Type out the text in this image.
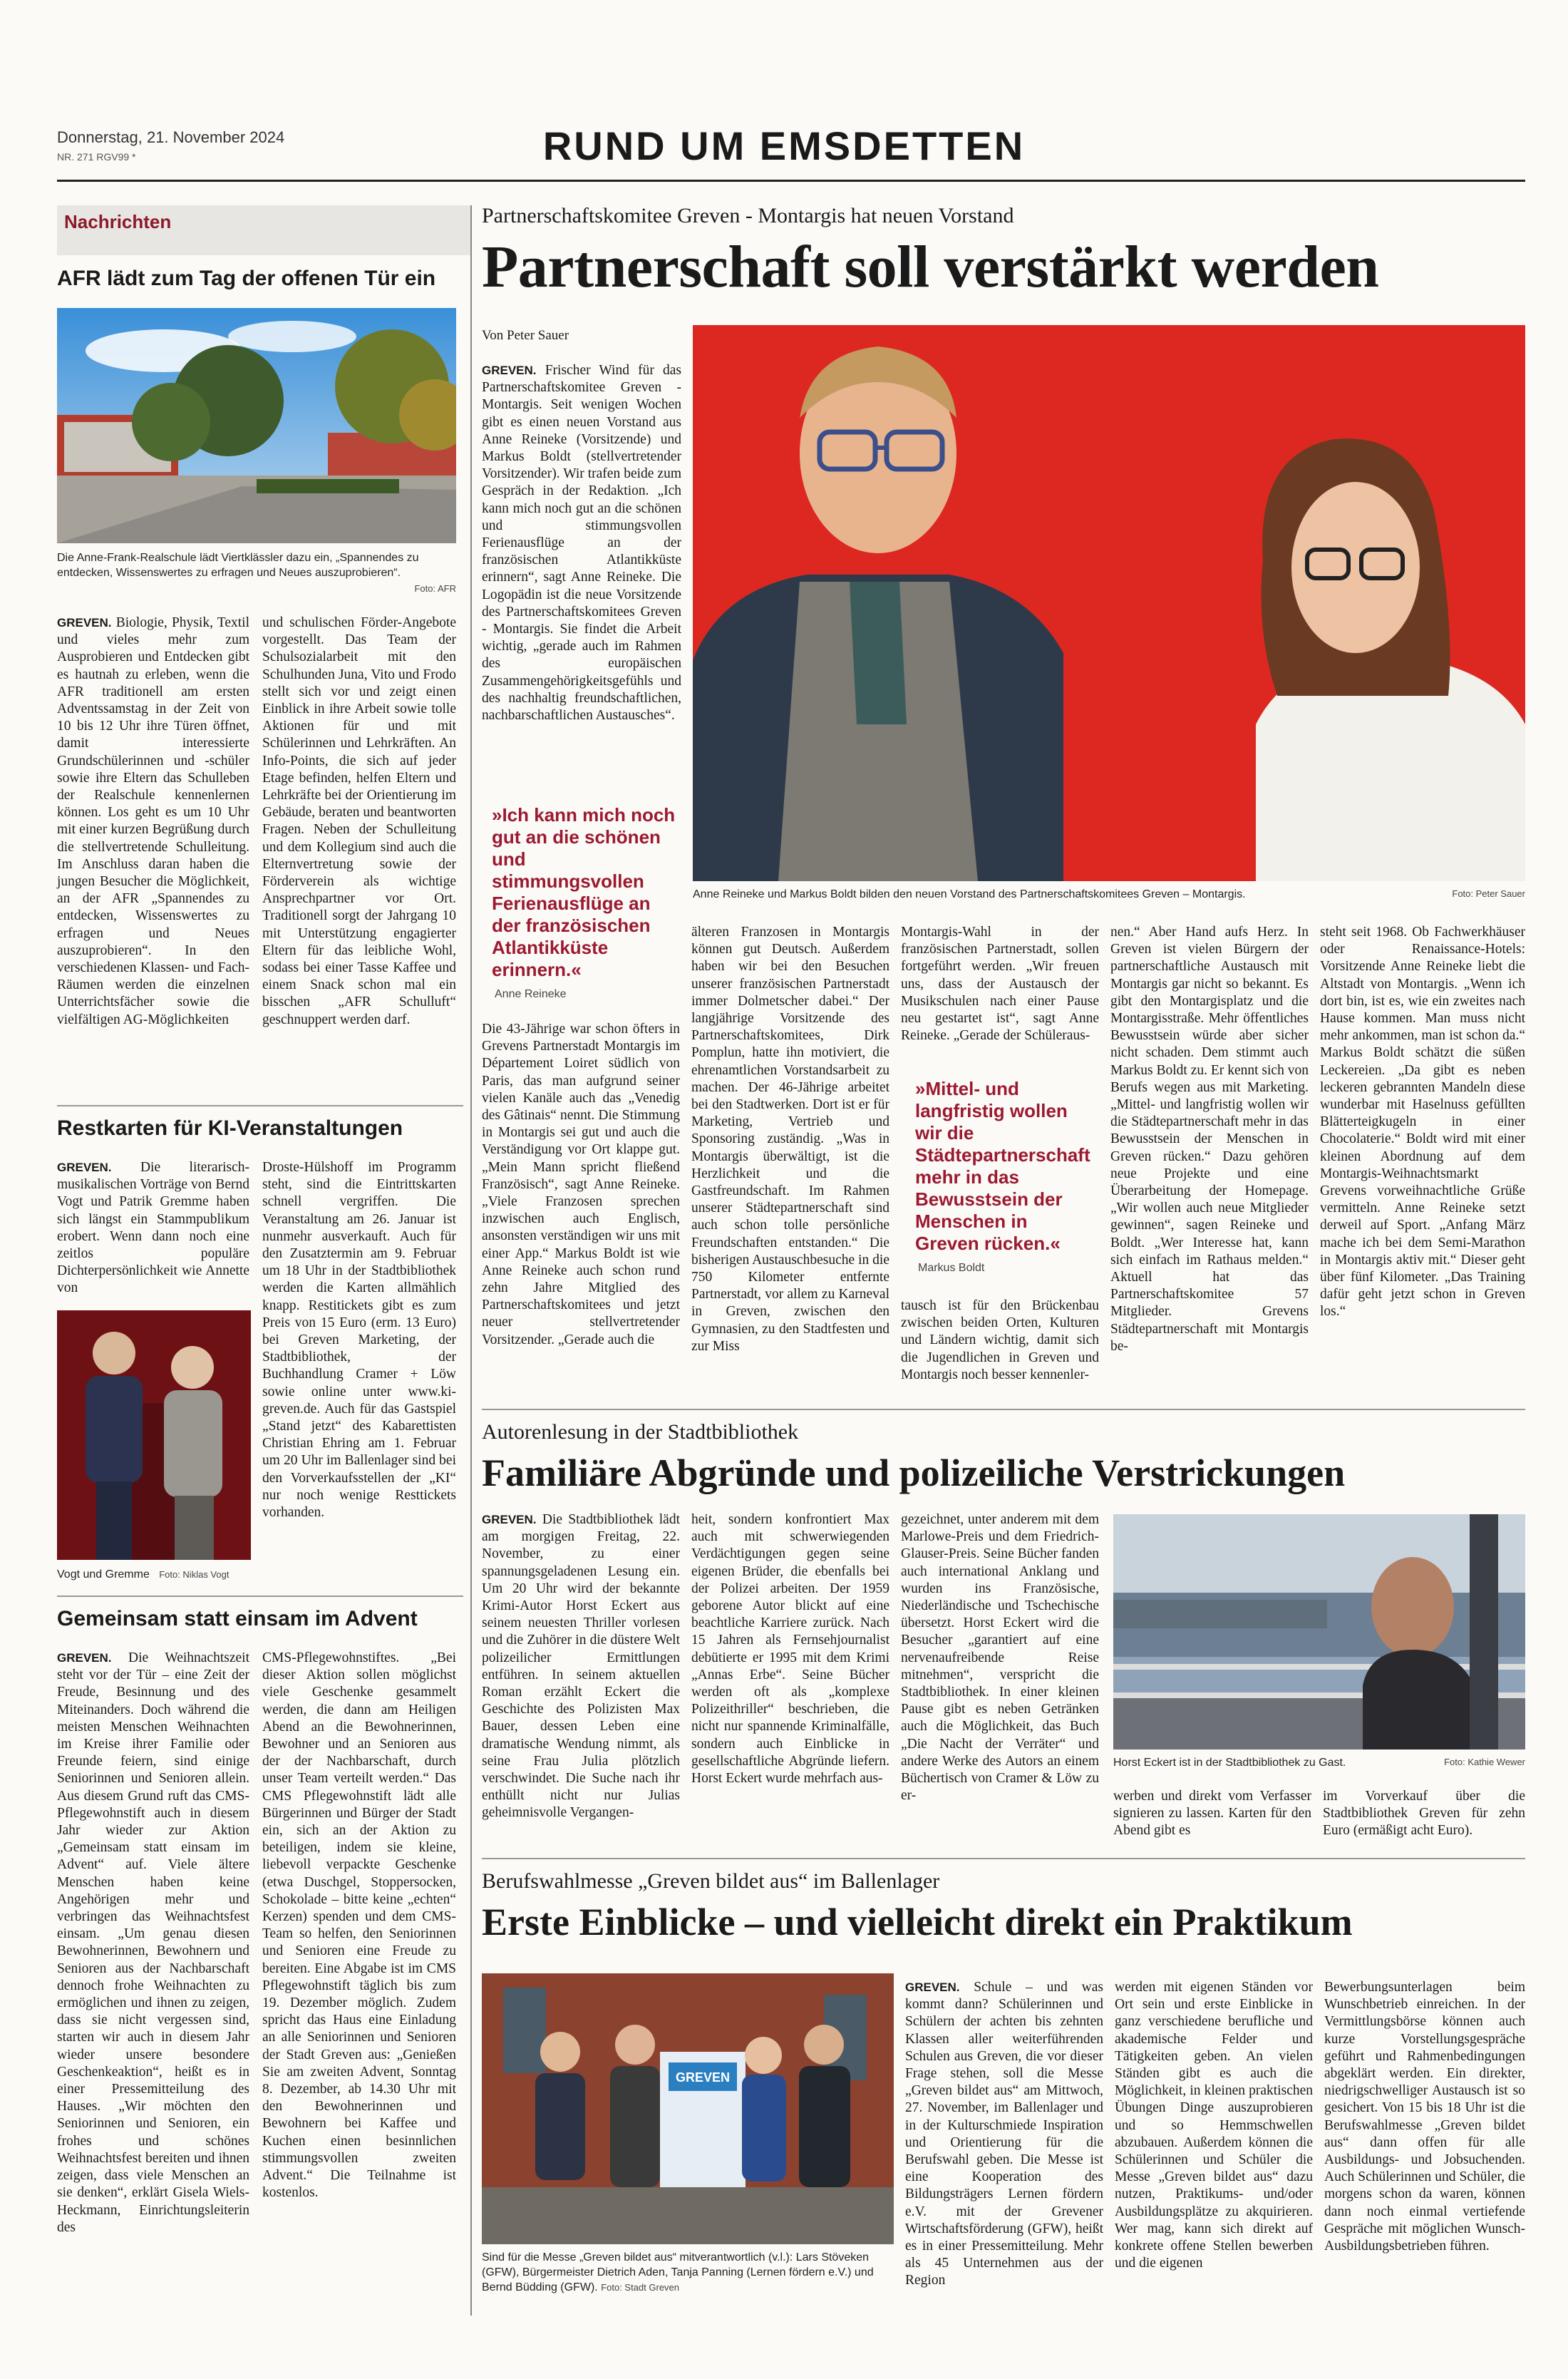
Donnerstag, 21. November 2024
NR. 271 RGV99 *	RUND UM EMSDETTEN
Nachrichten
AFR lädt zum Tag der offenen Tür ein
Die Anne-Frank-Realschule lädt Viertklässler dazu ein, „Spannendes zu entdecken, Wissenswertes zu erfragen und Neues auszuprobieren“.
Foto: AFR

GREVEN. Biologie, Physik, Textil und vieles mehr zum Ausprobieren und Entdecken gibt es hautnah zu erleben, wenn die AFR traditionell am ersten Adventssamstag in der Zeit von 10 bis 12 Uhr ihre Türen öffnet, damit interessierte Grundschülerinnen und -schüler sowie ihre Eltern das Schulleben der Realschule kennenlernen können. Los geht es um 10 Uhr mit einer kurzen Begrüßung durch die stellvertretende Schulleitung. Im Anschluss daran haben die jungen Besucher die Möglichkeit, an der AFR „Spannendes zu entdecken, Wissenswertes zu erfragen und Neues auszuprobieren“. In den verschiedenen Klassen- und Fach-Räumen werden die einzelnen Unterrichtsfächer sowie die vielfältigen AG-Möglichkeiten

und schulischen Förder-Angebote vorgestellt. Das Team der Schulsozialarbeit mit den Schulhunden Juna, Vito und Frodo stellt sich vor und zeigt einen Einblick in ihre Arbeit sowie tolle Aktionen für und mit Schülerinnen und Lehrkräften. An Info-Points, die sich auf jeder Etage befinden, helfen Eltern und Lehrkräfte bei der Orientierung im Gebäude, beraten und beantworten Fragen. Neben der Schulleitung und dem Kollegium sind auch die Elternvertretung sowie der Förderverein als wichtige Ansprechpartner vor Ort. Traditionell sorgt der Jahrgang 10 mit Unterstützung engagierter Eltern für das leibliche Wohl, sodass bei einer Tasse Kaffee und einem Snack schon mal ein bisschen „AFR Schulluft“ geschnuppert werden darf.

Restkarten für KI-Veranstaltungen

GREVEN. Die literarisch-musikalischen Vorträge von Bernd Vogt und Patrik Gremme haben sich längst ein Stammpublikum erobert. Wenn dann noch eine zeitlos populäre Dichterpersönlichkeit wie Annette von

Vogt und Gremme Foto: Niklas Vogt

Droste-Hülshoff im Programm steht, sind die Eintrittskarten schnell vergriffen. Die Veranstaltung am 26. Januar ist nunmehr ausverkauft. Auch für den Zusatztermin am 9. Februar um 18 Uhr in der Stadtbibliothek werden die Karten allmählich knapp. Restitickets gibt es zum Preis von 15 Euro (erm. 13 Euro) bei Greven Marketing, der Stadtbibliothek, der Buchhandlung Cramer + Löw sowie online unter www.ki-greven.de. Auch für das Gastspiel „Stand jetzt“ des Kabarettisten Christian Ehring am 1. Februar um 20 Uhr im Ballenlager sind bei den Vorverkaufsstellen der „KI“ nur noch wenige Resttickets vorhanden.

Gemeinsam statt einsam im Advent

GREVEN. Die Weihnachtszeit steht vor der Tür – eine Zeit der Freude, Besinnung und des Miteinanders. Doch während die meisten Menschen Weihnachten im Kreise ihrer Familie oder Freunde feiern, sind einige Seniorinnen und Senioren allein. Aus diesem Grund ruft das CMS-Pflegewohnstift auch in diesem Jahr wieder zur Aktion „Gemeinsam statt einsam im Advent“ auf. Viele ältere Menschen haben keine Angehörigen mehr und verbringen das Weihnachtsfest einsam. „Um genau diesen Bewohnerinnen, Bewohnern und Senioren aus der Nachbarschaft dennoch frohe Weihnachten zu ermöglichen und ihnen zu zeigen, dass sie nicht vergessen sind, starten wir auch in diesem Jahr wieder unsere besondere Geschenkeaktion“, heißt es in einer Pressemitteilung des Hauses. „Wir möchten den Seniorinnen und Senioren, ein frohes und schönes Weihnachtsfest bereiten und ihnen zeigen, dass viele Menschen an sie denken“, erklärt Gisela Wiels-Heckmann, Einrichtungsleiterin des

CMS-Pflegewohnstiftes. „Bei dieser Aktion sollen möglichst viele Geschenke gesammelt werden, die dann am Heiligen Abend an die Bewohnerinnen, Bewohner und an Senioren aus der der Nachbarschaft, durch unser Team verteilt werden.“ Das CMS Pflegewohnstift lädt alle Bürgerinnen und Bürger der Stadt ein, sich an der Aktion zu beteiligen, indem sie kleine, liebevoll verpackte Geschenke (etwa Duschgel, Stoppersocken, Schokolade – bitte keine „echten“ Kerzen) spenden und dem CMS-Team so helfen, den Seniorinnen und Senioren eine Freude zu bereiten. Eine Abgabe ist im CMS Pflegewohnstift täglich bis zum 19. Dezember möglich. Zudem spricht das Haus eine Einladung an alle Seniorinnen und Senioren der Stadt Greven aus: „Genießen Sie am zweiten Advent, Sonntag 8. Dezember, ab 14.30 Uhr mit den Bewohnerinnen und Bewohnern bei Kaffee und Kuchen einen besinnlichen stimmungsvollen zweiten Advent.“ Die Teilnahme ist kostenlos.

Partnerschaftskomitee Greven - Montargis hat neuen Vorstand
Partnerschaft soll verstärkt werden
Von Peter Sauer

GREVEN. Frischer Wind für das Partnerschaftskomitee Greven - Montargis. Seit wenigen Wochen gibt es einen neuen Vorstand aus Anne Reineke (Vorsitzende) und Markus Boldt (stellvertretender Vorsitzender). Wir trafen beide zum Gespräch in der Redaktion. „Ich kann mich noch gut an die schönen und stimmungsvollen Ferienausflüge an der französischen Atlantikküste erinnern“, sagt Anne Reineke. Die Logopädin ist die neue Vorsitzende des Partnerschaftskomitees Greven - Montargis. Sie findet die Arbeit wichtig, „gerade auch im Rahmen des europäischen Zusammengehörigkeitsgefühls und des nachhaltig freundschaftlichen, nachbarschaftlichen Austausches“.

»Ich kann mich noch gut an die schönen und stimmungsvollen Ferienausflüge an der französischen Atlantikküste erinnern.«
Anne Reineke
Anne Reineke und Markus Boldt bilden den neuen Vorstand des Partnerschaftskomitees Greven – Montargis.	Foto: Peter Sauer

Die 43-Jährige war schon öfters in Grevens Partnerstadt Montargis im Département Loiret südlich von Paris, das man aufgrund seiner vielen Kanäle auch das „Venedig des Gâtinais“ nennt. Die Stimmung in Montargis sei gut und auch die Verständigung vor Ort klappe gut. „Mein Mann spricht fließend Französisch“, sagt Anne Reineke. „Viele Franzosen sprechen inzwischen auch Englisch, ansonsten verständigen wir uns mit einer App.“ Markus Boldt ist wie Anne Reineke auch schon rund zehn Jahre Mitglied des Partnerschaftskomitees und jetzt neuer stellvertretender Vorsitzender. „Gerade auch die

älteren Franzosen in Montargis können gut Deutsch. Außerdem haben wir bei den Besuchen unserer französischen Partnerstadt immer Dolmetscher dabei.“ Der langjährige Vorsitzende des Partnerschaftskomitees, Dirk Pomplun, hatte ihn motiviert, die ehrenamtlichen Vorstandsarbeit zu machen. Der 46-Jährige arbeitet bei den Stadtwerken. Dort ist er für Marketing, Vertrieb und Sponsoring zuständig. „Was in Montargis überwältigt, ist die Herzlichkeit und die Gastfreundschaft. Im Rahmen unserer Städtepartnerschaft sind auch schon tolle persönliche Freundschaften entstanden.“ Die bisherigen Austauschbesuche in die 750 Kilometer entfernte Partnerstadt, vor allem zu Karneval in Greven, zwischen den Gymnasien, zu den Stadtfesten und zur Miss

Montargis-Wahl in der französischen Partnerstadt, sollen fortgeführt werden. „Wir freuen uns, dass der Austausch der Musikschulen nach einer Pause neu gestartet ist“, sagt Anne Reineke. „Gerade der Schüleraus-

»Mittel- und langfristig wollen wir die Städtepartnerschaft mehr in das Bewusstsein der Menschen in Greven rücken.«
Markus Boldt

tausch ist für den Brückenbau zwischen beiden Orten, Kulturen und Ländern wichtig, damit sich die Jugendlichen in Greven und Montargis noch besser kennenler-

nen.“ Aber Hand aufs Herz. In Greven ist vielen Bürgern der partnerschaftliche Austausch mit Montargis gar nicht so bekannt. Es gibt den Montargisplatz und die Montargisstraße. Mehr öffentliches Bewusstsein würde aber sicher nicht schaden. Dem stimmt auch Markus Boldt zu. Er kennt sich von Berufs wegen aus mit Marketing. „Mittel- und langfristig wollen wir die Städtepartnerschaft mehr in das Bewusstsein der Menschen in Greven rücken.“ Dazu gehören neue Projekte und eine Überarbeitung der Homepage. „Wir wollen auch neue Mitglieder gewinnen“, sagen Reineke und Boldt. „Wer Interesse hat, kann sich einfach im Rathaus melden.“ Aktuell hat das Partnerschaftskomitee 57 Mitglieder. Grevens Städtepartnerschaft mit Montargis be-

steht seit 1968. Ob Fachwerkhäuser oder Renaissance-Hotels: Vorsitzende Anne Reineke liebt die Altstadt von Montargis. „Wenn ich dort bin, ist es, wie ein zweites nach Hause kommen. Man muss nicht mehr ankommen, man ist schon da.“ Markus Boldt schätzt die süßen Leckereien. „Da gibt es neben leckeren gebrannten Mandeln diese wunderbar mit Haselnuss gefüllten Blätterteigkugeln in einer Chocolaterie.“ Boldt wird mit einer kleinen Abordnung auf dem Montargis-Weihnachtsmarkt Grevens vorweihnachtliche Grüße vermitteln. Anne Reineke setzt derweil auf Sport. „Anfang März mache ich bei dem Semi-Marathon in Montargis aktiv mit.“ Dieser geht über fünf Kilometer. „Das Training dafür geht jetzt schon in Greven los.“

Autorenlesung in der Stadtbibliothek
Familiäre Abgründe und polizeiliche Verstrickungen

GREVEN. Die Stadtbibliothek lädt am morgigen Freitag, 22. November, zu einer spannungsgeladenen Lesung ein. Um 20 Uhr wird der bekannte Krimi-Autor Horst Eckert aus seinem neuesten Thriller vorlesen und die Zuhörer in die düstere Welt polizeilicher Ermittlungen entführen. In seinem aktuellen Roman erzählt Eckert die Geschichte des Polizisten Max Bauer, dessen Leben eine dramatische Wendung nimmt, als seine Frau Julia plötzlich verschwindet. Die Suche nach ihr enthüllt nicht nur Julias geheimnisvolle Vergangen-

heit, sondern konfrontiert Max auch mit schwerwiegenden Verdächtigungen gegen seine eigenen Brüder, die ebenfalls bei der Polizei arbeiten. Der 1959 geborene Autor blickt auf eine beachtliche Karriere zurück. Nach 15 Jahren als Fernsehjournalist debütierte er 1995 mit dem Krimi „Annas Erbe“. Seine Bücher werden oft als „komplexe Polizeithriller“ beschrieben, die nicht nur spannende Kriminalfälle, sondern auch Einblicke in gesellschaftliche Abgründe liefern. Horst Eckert wurde mehrfach aus-

gezeichnet, unter anderem mit dem Marlowe-Preis und dem Friedrich-Glauser-Preis. Seine Bücher fanden auch international Anklang und wurden ins Französische, Niederländische und Tschechische übersetzt. Horst Eckert wird die Besucher „garantiert auf eine nervenaufreibende Reise mitnehmen“, verspricht die Stadtbibliothek. In einer kleinen Pause gibt es neben Getränken auch die Möglichkeit, das Buch „Die Nacht der Verräter“ und andere Werke des Autors an einem Büchertisch von Cramer & Löw zu er-

Horst Eckert ist in der Stadtbibliothek zu Gast.	Foto: Kathie Wewer

werben und direkt vom Verfasser signieren zu lassen. Karten für den Abend gibt es

im Vorverkauf über die Stadtbibliothek Greven für zehn Euro (ermäßigt acht Euro).

Berufswahlmesse „Greven bildet aus“ im Ballenlager
Erste Einblicke – und vielleicht direkt ein Praktikum
GREVEN
Sind für die Messe „Greven bildet aus“ mitverantwortlich (v.l.): Lars Stöveken (GFW), Bürgermeister Dietrich Aden, Tanja Panning (Lernen fördern e.V.) und Bernd Büdding (GFW). Foto: Stadt Greven

GREVEN. Schule – und was kommt dann? Schülerinnen und Schülern der achten bis zehnten Klassen aller weiterführenden Schulen aus Greven, die vor dieser Frage stehen, soll die Messe „Greven bildet aus“ am Mittwoch, 27. November, im Ballenlager und in der Kulturschmiede Inspiration und Orientierung für die Berufswahl geben. Die Messe ist eine Kooperation des Bildungsträgers Lernen fördern e.V. mit der Grevener Wirtschaftsförderung (GFW), heißt es in einer Pressemitteilung. Mehr als 45 Unternehmen aus der Region

werden mit eigenen Ständen vor Ort sein und erste Einblicke in ganz verschiedene berufliche und akademische Felder und Tätigkeiten geben. An vielen Ständen gibt es auch die Möglichkeit, in kleinen praktischen Übungen Dinge auszuprobieren und so Hemmschwellen abzubauen. Außerdem können die Schülerinnen und Schüler die Messe „Greven bildet aus“ dazu nutzen, Praktikums- und/oder Ausbildungsplätze zu akquirieren. Wer mag, kann sich direkt auf konkrete offene Stellen bewerben und die eigenen

Bewerbungsunterlagen beim Wunschbetrieb einreichen. In der Vermittlungsbörse können auch kurze Vorstellungsgespräche geführt und Rahmenbedingungen abgeklärt werden. Ein direkter, niedrigschwelliger Austausch ist so gesichert. Von 15 bis 18 Uhr ist die Berufswahlmesse „Greven bildet aus“ dann offen für alle Ausbildungs- und Jobsuchenden. Auch Schülerinnen und Schüler, die morgens schon da waren, können dann noch einmal vertiefende Gespräche mit möglichen Wunsch-Ausbildungsbetrieben führen.
